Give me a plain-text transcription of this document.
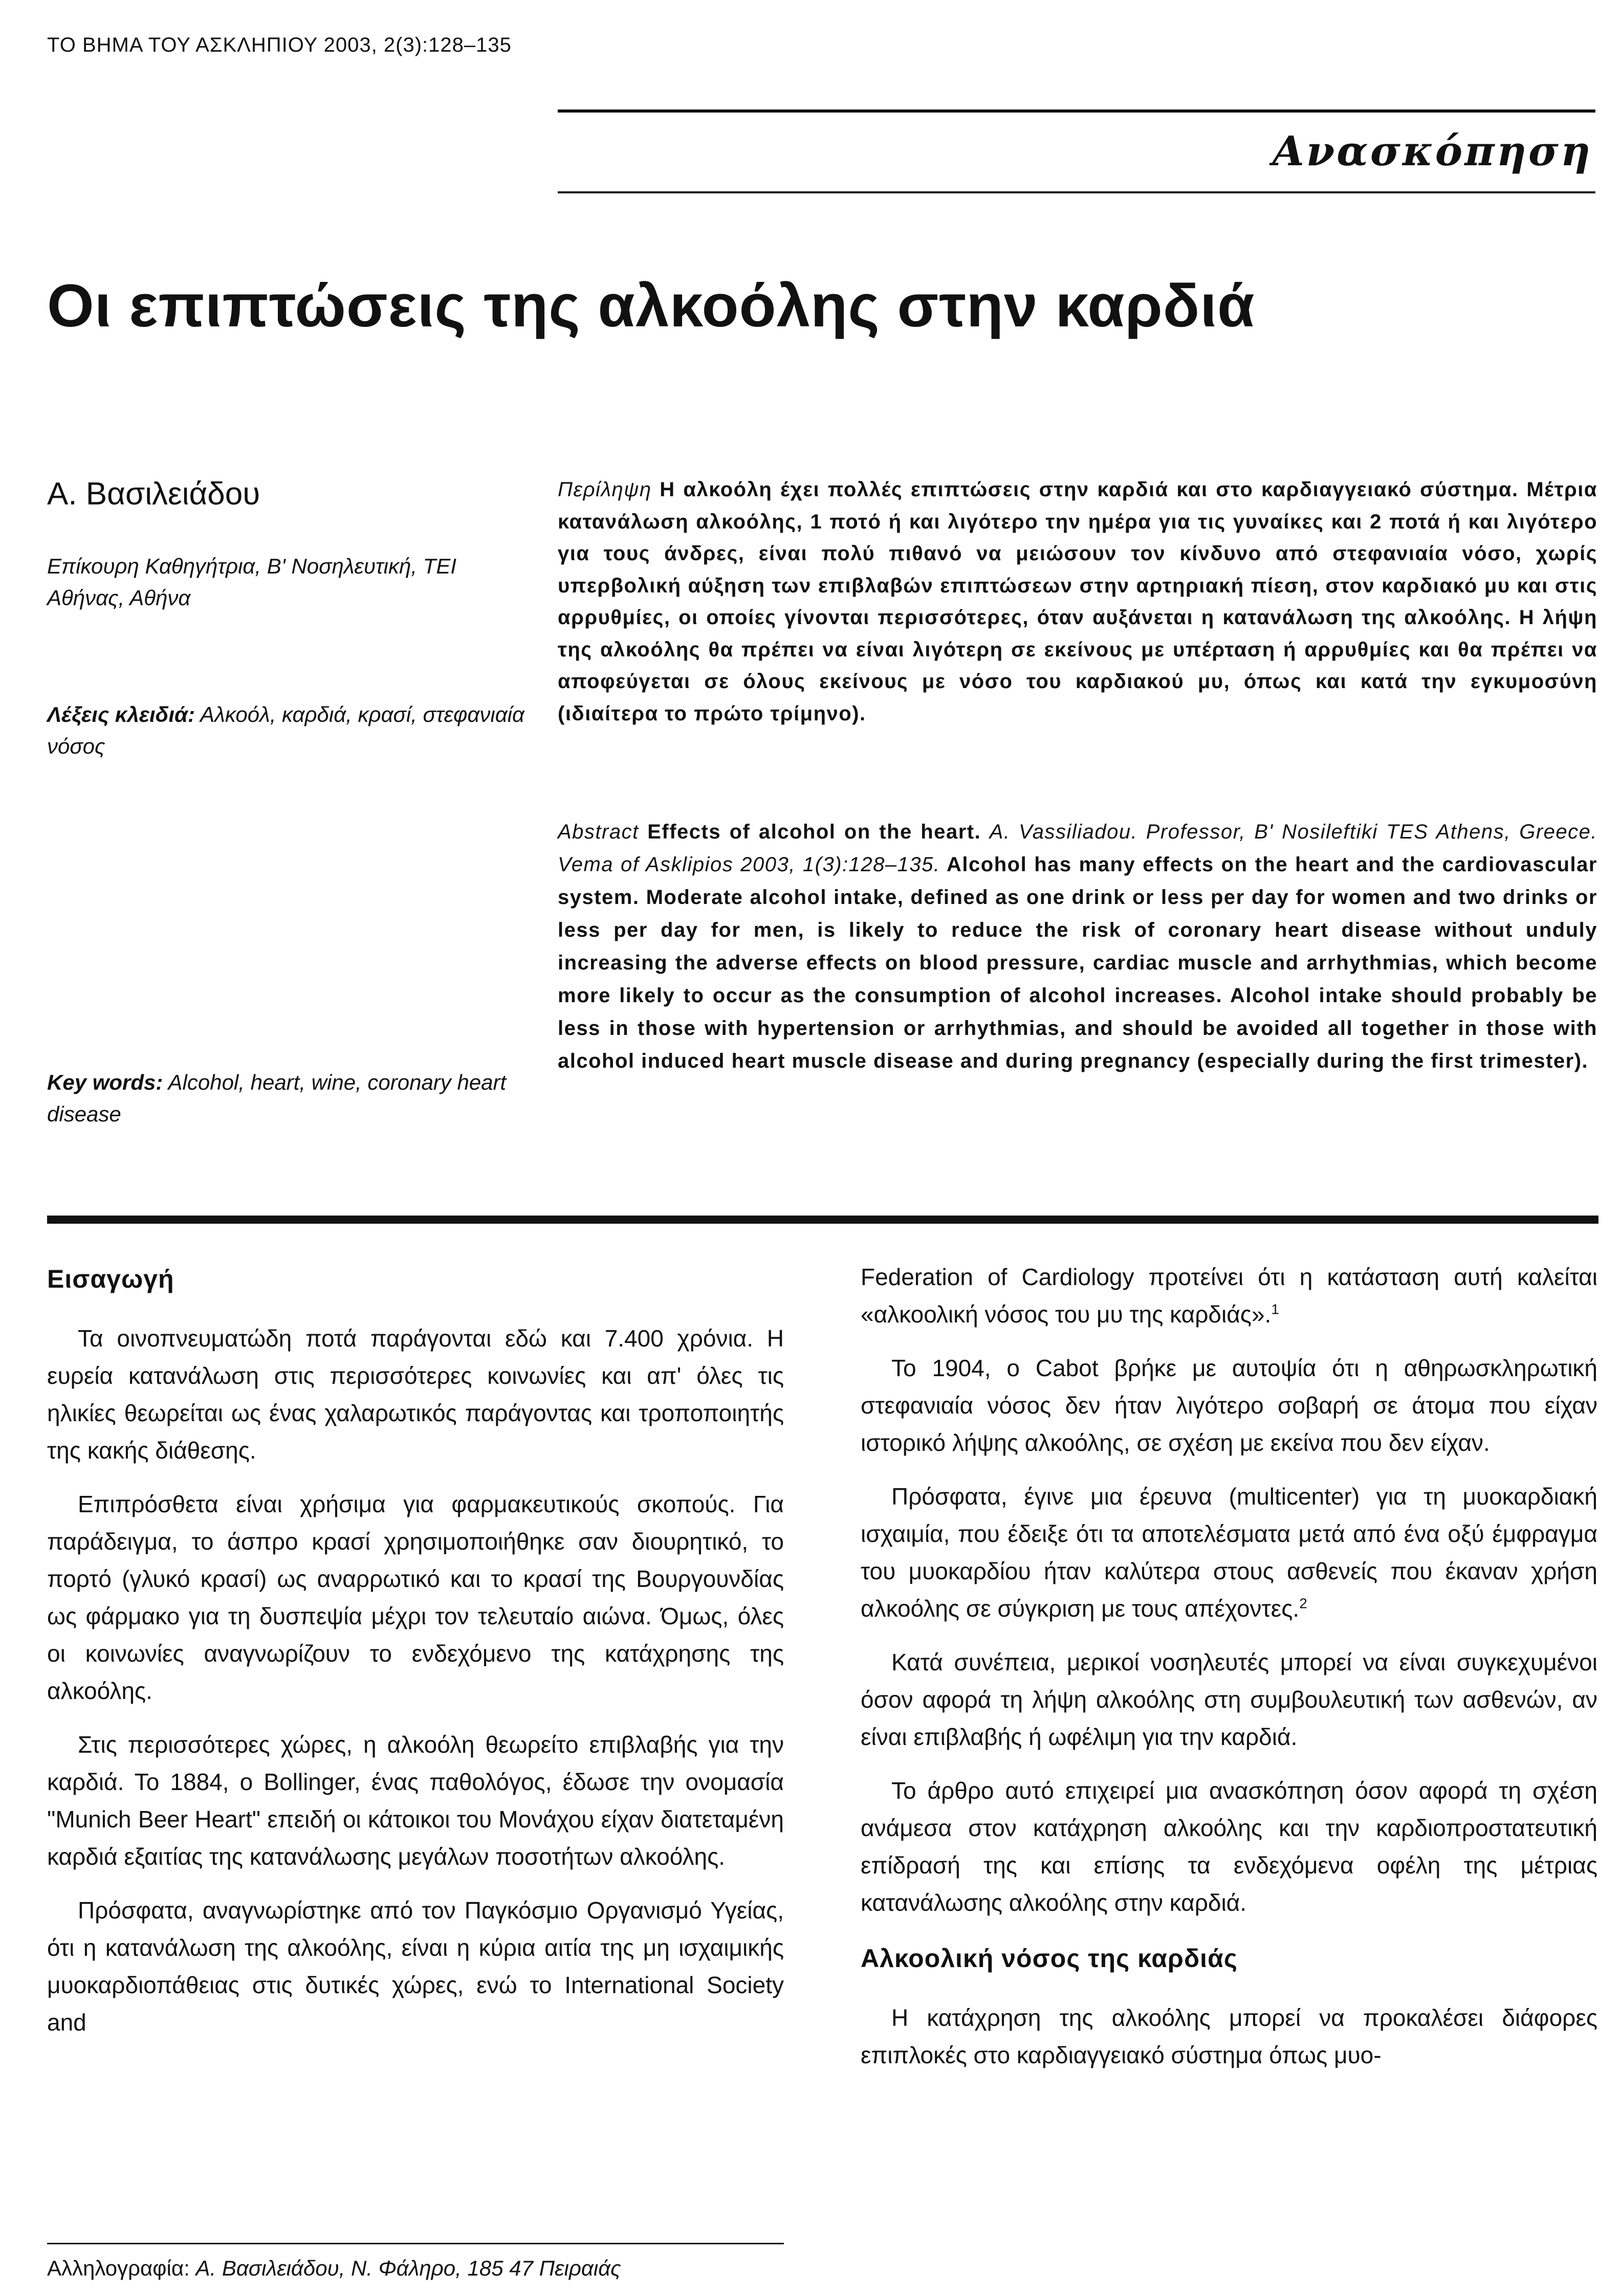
ΤΟ ΒΗΜΑ ΤΟΥ ΑΣΚΛΗΠΙΟΥ 2003, 2(3):128–135
Ανασκόπηση
Οι επιπτώσεις της αλκοόλης στην καρδιά
Α. Βασιλειάδου
Επίκουρη Καθηγήτρια, Β' Νοσηλευτική, ΤΕΙ Αθήνας, Αθήνα
Λέξεις κλειδιά: Αλκοόλ, καρδιά, κρασί, στεφανιαία νόσος
Περίληψη Η αλκοόλη έχει πολλές επιπτώσεις στην καρδιά και στο καρδιαγγειακό σύστημα. Μέτρια κατανάλωση αλκοόλης, 1 ποτό ή και λιγότερο την ημέρα για τις γυναίκες και 2 ποτά ή και λιγότερο για τους άνδρες, είναι πολύ πιθανό να μειώσουν τον κίνδυνο από στεφανιαία νόσο, χωρίς υπερβολική αύξηση των επιβλαβών επιπτώσεων στην αρτηριακή πίεση, στον καρδιακό μυ και στις αρρυθμίες, οι οποίες γίνονται περισσότερες, όταν αυξάνεται η κατανάλωση της αλκοόλης. Η λήψη της αλκοόλης θα πρέπει να είναι λιγότερη σε εκείνους με υπέρταση ή αρρυθμίες και θα πρέπει να αποφεύγεται σε όλους εκείνους με νόσο του καρδιακού μυ, όπως και κατά την εγκυμοσύνη (ιδιαίτερα το πρώτο τρίμηνο).
Abstract Effects of alcohol on the heart. A. Vassiliadou. Professor, B' Nosileftiki TES Athens, Greece. Vema of Asklipios 2003, 1(3):128–135. Alcohol has many effects on the heart and the cardiovascular system. Moderate alcohol intake, defined as one drink or less per day for women and two drinks or less per day for men, is likely to reduce the risk of coronary heart disease without unduly increasing the adverse effects on blood pressure, cardiac muscle and arrhythmias, which become more likely to occur as the consumption of alcohol increases. Alcohol intake should probably be less in those with hypertension or arrhythmias, and should be avoided all together in those with alcohol induced heart muscle disease and during pregnancy (especially during the first trimester).
Key words: Alcohol, heart, wine, coronary heart disease
Εισαγωγή

Τα οινοπνευματώδη ποτά παράγονται εδώ και 7.400 χρόνια. Η ευρεία κατανάλωση στις περισσότερες κοινωνίες και απ' όλες τις ηλικίες θεωρείται ως ένας χαλαρωτικός παράγοντας και τροποποιητής της κακής διάθεσης.

Επιπρόσθετα είναι χρήσιμα για φαρμακευτικούς σκοπούς. Για παράδειγμα, το άσπρο κρασί χρησιμοποιήθηκε σαν διουρητικό, το πορτό (γλυκό κρασί) ως αναρρωτικό και το κρασί της Βουργουνδίας ως φάρμακο για τη δυσπεψία μέχρι τον τελευταίο αιώνα. Όμως, όλες οι κοινωνίες αναγνωρίζουν το ενδεχόμενο της κατάχρησης της αλκοόλης.

Στις περισσότερες χώρες, η αλκοόλη θεωρείτο επιβλαβής για την καρδιά. Το 1884, ο Bollinger, ένας παθολόγος, έδωσε την ονομασία "Munich Beer Heart" επειδή οι κάτοικοι του Μονάχου είχαν διατεταμένη καρδιά εξαιτίας της κατανάλωσης μεγάλων ποσοτήτων αλκοόλης.

Πρόσφατα, αναγνωρίστηκε από τον Παγκόσμιο Οργανισμό Υγείας, ότι η κατανάλωση της αλκοόλης, είναι η κύρια αιτία της μη ισχαιμικής μυοκαρδιοπάθειας στις δυτικές χώρες, ενώ το International Society and

Federation of Cardiology προτείνει ότι η κατάσταση αυτή καλείται «αλκοολική νόσος του μυ της καρδιάς».$^1$

Το 1904, ο Cabot βρήκε με αυτοψία ότι η αθηρωσκληρωτική στεφανιαία νόσος δεν ήταν λιγότερο σοβαρή σε άτομα που είχαν ιστορικό λήψης αλκοόλης, σε σχέση με εκείνα που δεν είχαν.

Πρόσφατα, έγινε μια έρευνα (multicenter) για τη μυοκαρδιακή ισχαιμία, που έδειξε ότι τα αποτελέσματα μετά από ένα οξύ έμφραγμα του μυοκαρδίου ήταν καλύτερα στους ασθενείς που έκαναν χρήση αλκοόλης σε σύγκριση με τους απέχοντες.$^2$

Κατά συνέπεια, μερικοί νοσηλευτές μπορεί να είναι συγκεχυμένοι όσον αφορά τη λήψη αλκοόλης στη συμβουλευτική των ασθενών, αν είναι επιβλαβής ή ωφέλιμη για την καρδιά.

Το άρθρο αυτό επιχειρεί μια ανασκόπηση όσον αφορά τη σχέση ανάμεσα στον κατάχρηση αλκοόλης και την καρδιοπροστατευτική επίδρασή της και επίσης τα ενδεχόμενα οφέλη της μέτριας κατανάλωσης αλκοόλης στην καρδιά.

Αλκοολική νόσος της καρδιάς

Η κατάχρηση της αλκοόλης μπορεί να προκαλέσει διάφορες επιπλοκές στο καρδιαγγειακό σύστημα όπως μυο-

Αλληλογραφία: Α. Βασιλειάδου, Ν. Φάληρο, 185 47 Πειραιάς
